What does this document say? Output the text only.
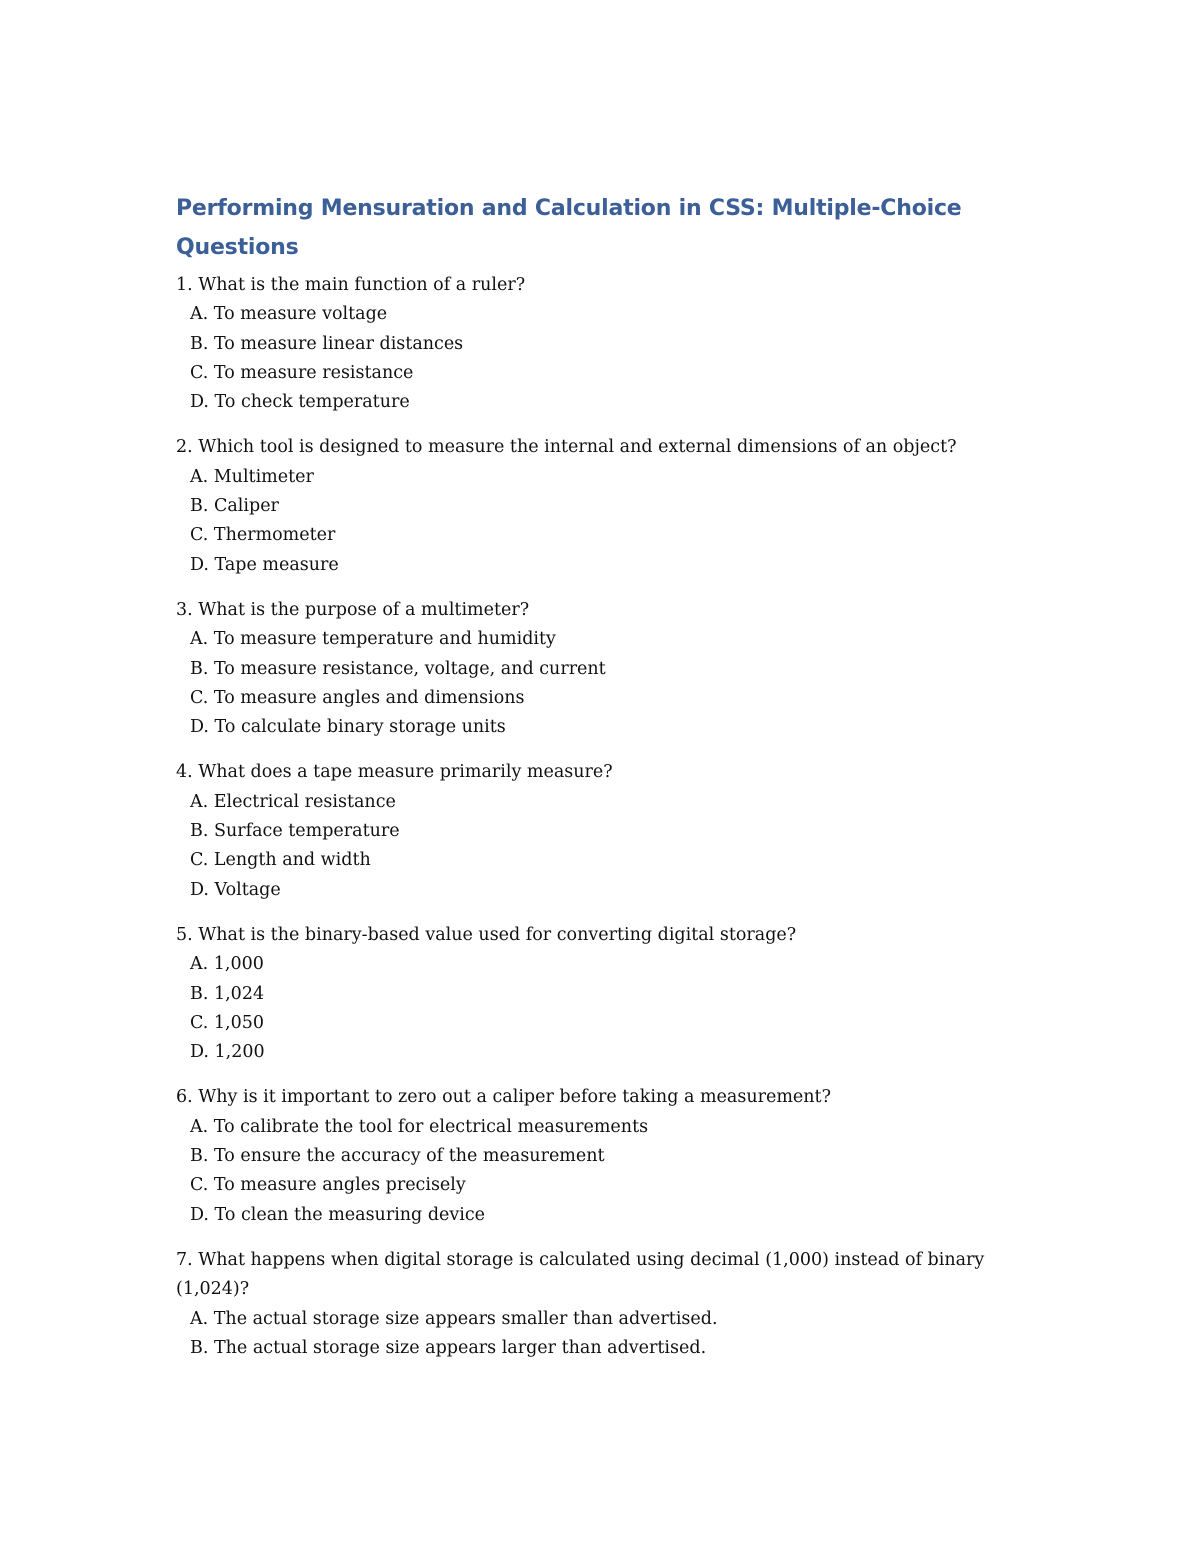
Performing Mensuration and Calculation in CSS: Multiple-Choice Questions
1. What is the main function of a ruler?
A. To measure voltage
B. To measure linear distances
C. To measure resistance
D. To check temperature
2. Which tool is designed to measure the internal and external dimensions of an object?
A. Multimeter
B. Caliper
C. Thermometer
D. Tape measure
3. What is the purpose of a multimeter?
A. To measure temperature and humidity
B. To measure resistance, voltage, and current
C. To measure angles and dimensions
D. To calculate binary storage units
4. What does a tape measure primarily measure?
A. Electrical resistance
B. Surface temperature
C. Length and width
D. Voltage
5. What is the binary-based value used for converting digital storage?
A. 1,000
B. 1,024
C. 1,050
D. 1,200
6. Why is it important to zero out a caliper before taking a measurement?
A. To calibrate the tool for electrical measurements
B. To ensure the accuracy of the measurement
C. To measure angles precisely
D. To clean the measuring device
7. What happens when digital storage is calculated using decimal (1,000) instead of binary (1,024)?
A. The actual storage size appears smaller than advertised.
B. The actual storage size appears larger than advertised.
